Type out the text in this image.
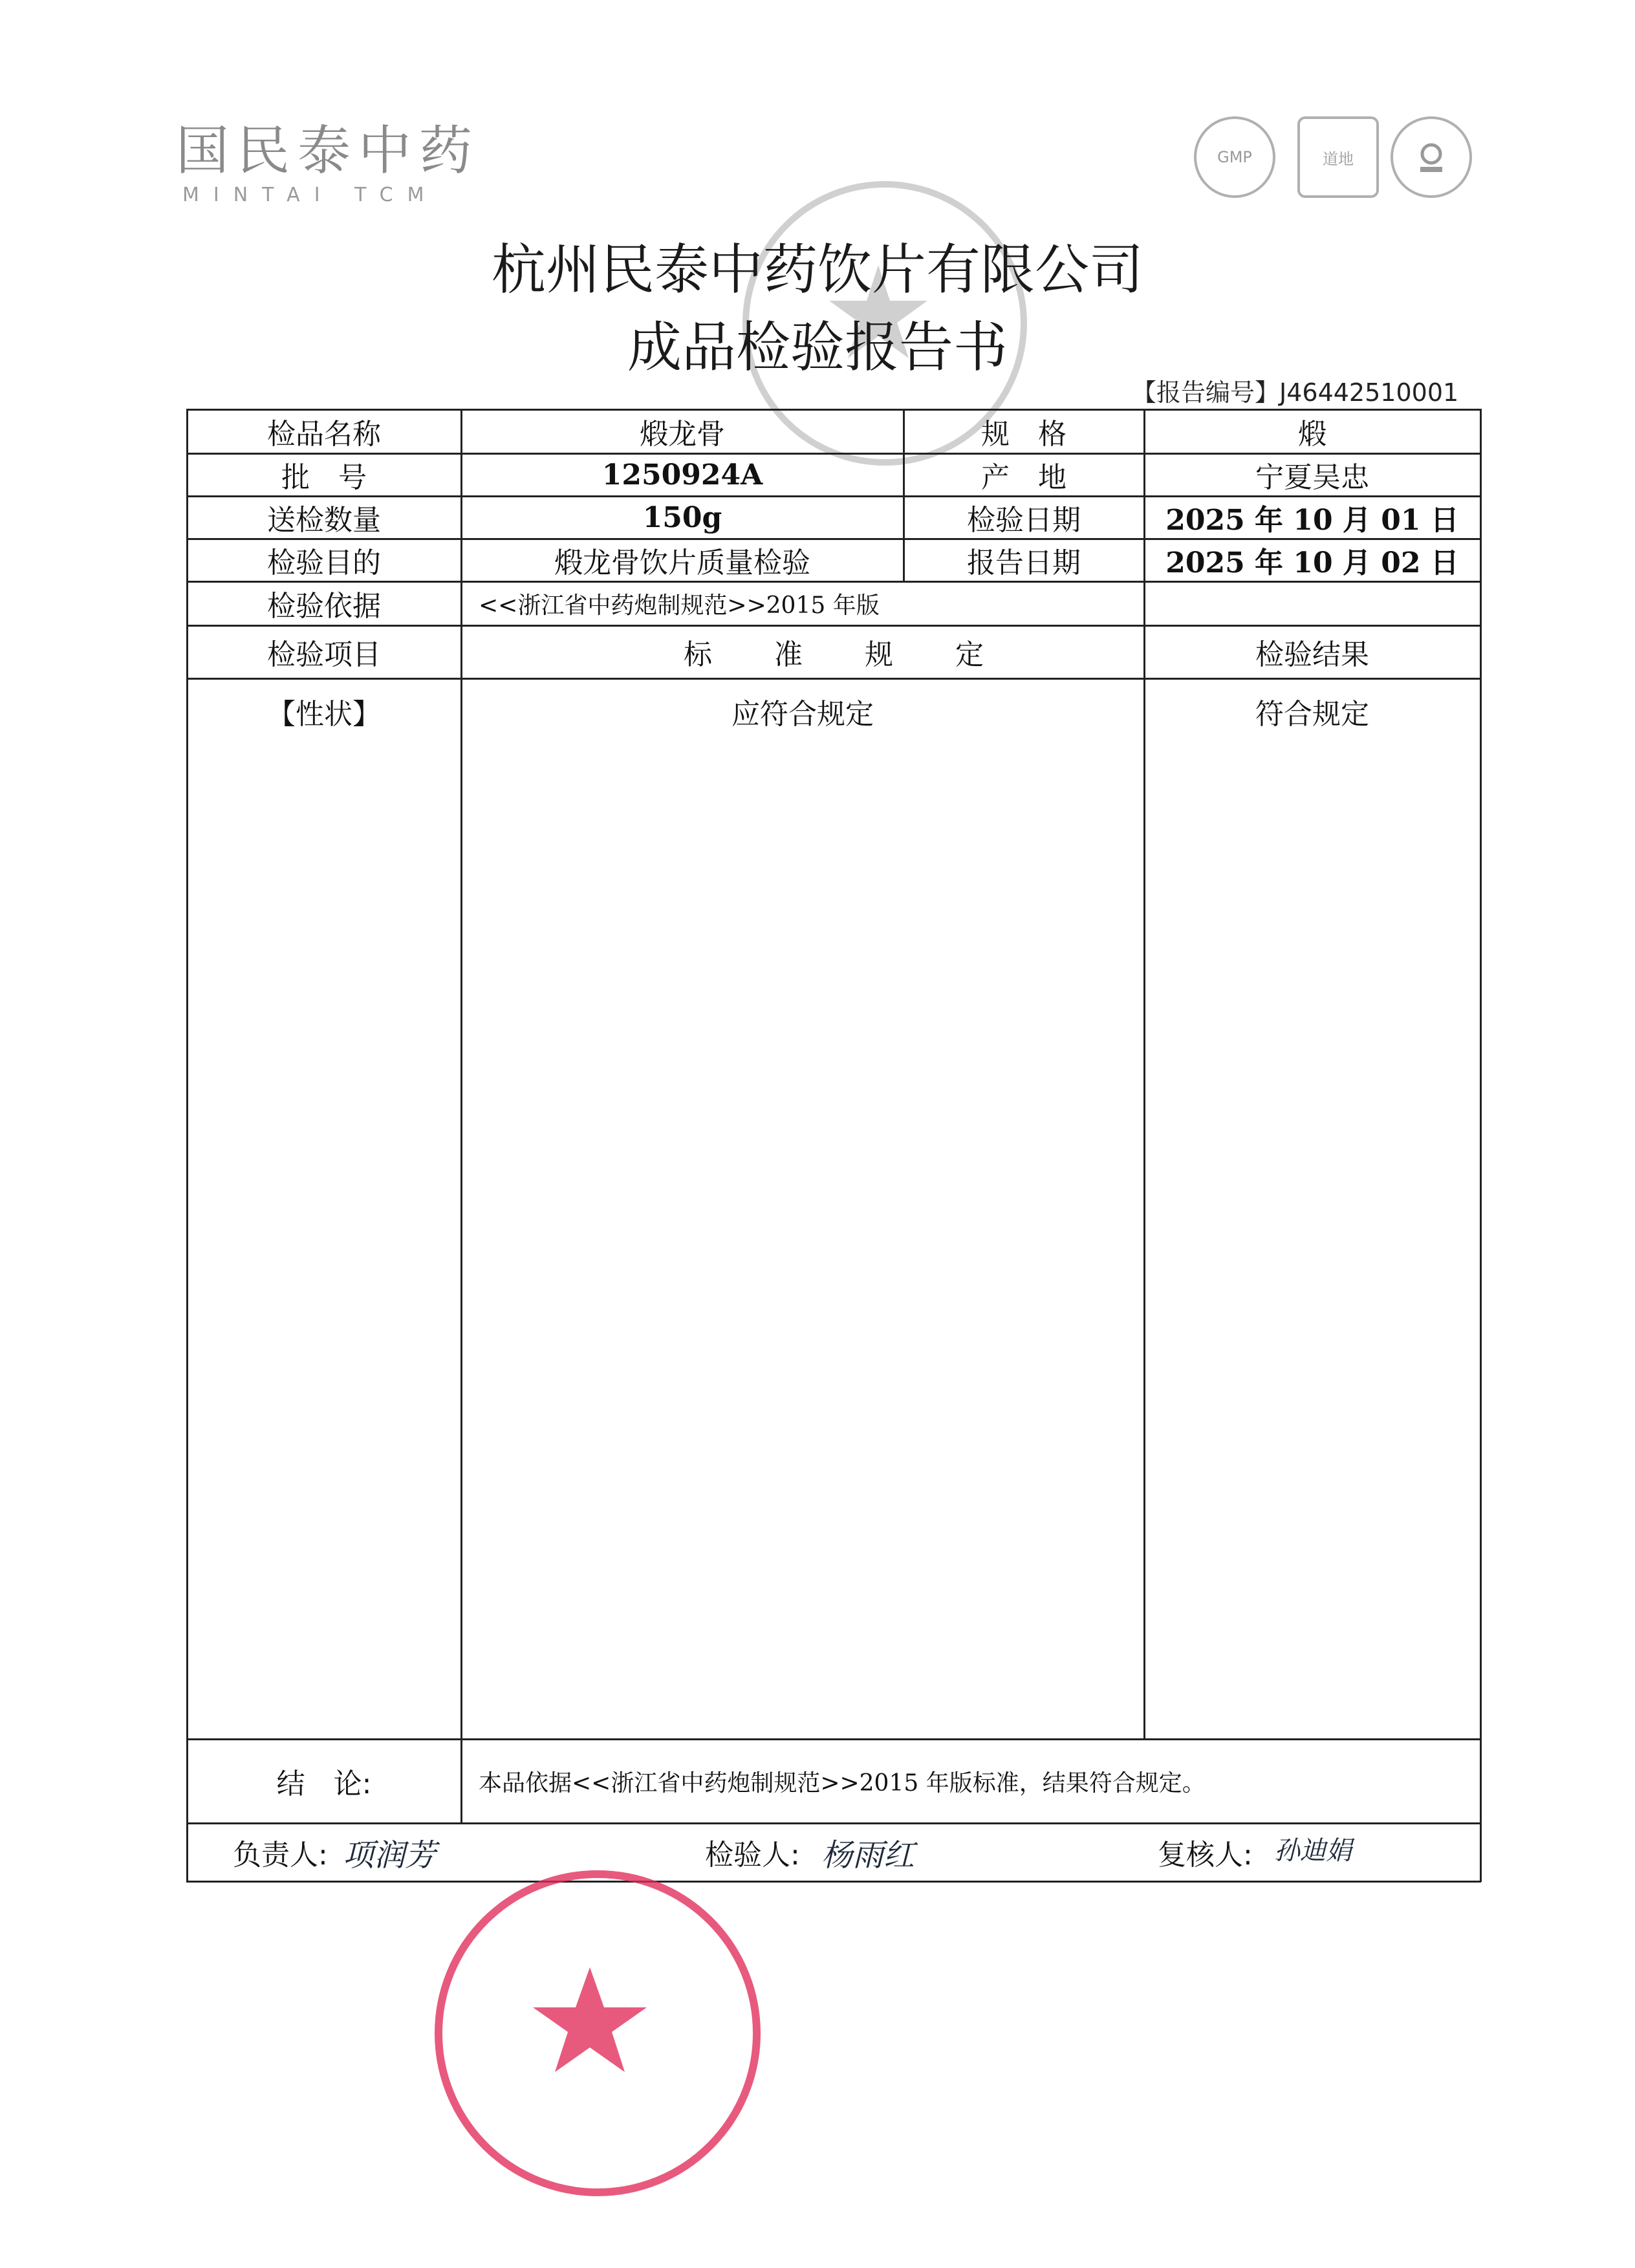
国民泰中药
MINTAI TCM
GMP	道地
杭州民泰中药饮片有限公司
成品检验报告书
【报告编号】J46442510001
检品名称	煅龙骨	规　格	煅
批　号	1250924A	产　地	宁夏吴忠
送检数量	150g	检验日期	2025 年 10 月 01 日
检验目的	煅龙骨饮片质量检验	报告日期	2025 年 10 月 02 日
检验依据	<<浙江省中药炮制规范>>2015 年版
检验项目	标准规定	检验结果
【性状】	应符合规定	符合规定
结　论:	本品依据<<浙江省中药炮制规范>>2015 年版标准，结果符合规定。
负责人: 项润芳	检验人: 杨雨红	复核人: 孙迪娟
